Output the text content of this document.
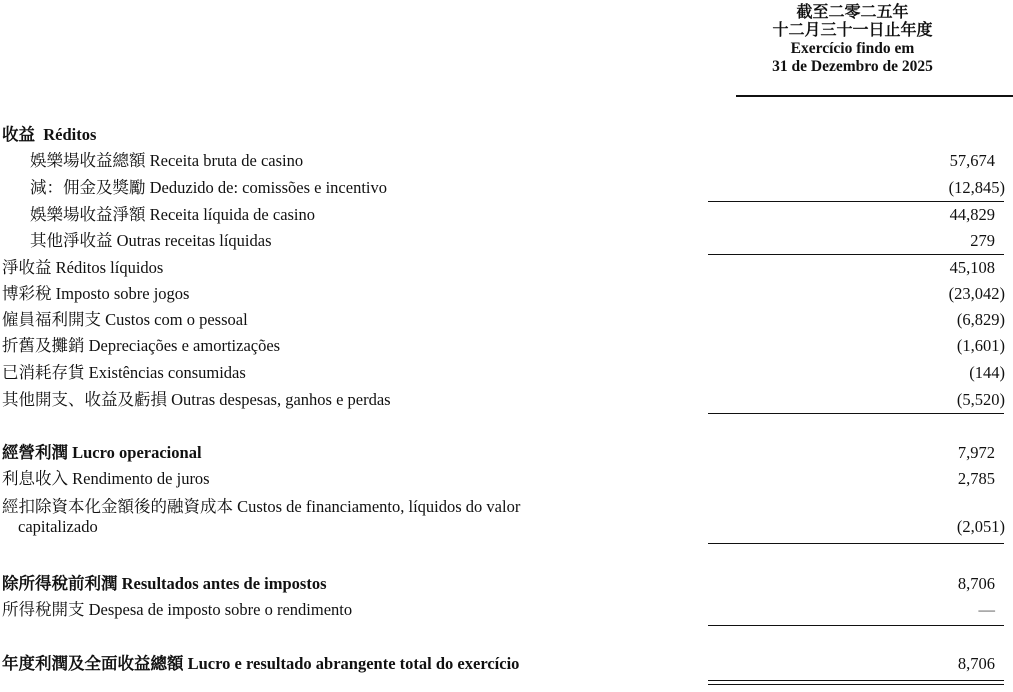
截至二零二五年
十二月三十一日止年度
Exercício findo em
31 de Dezembro de 2025
收益 Réditos
娛樂場收益總額 Receita bruta de casino	57,674
減：佣金及獎勵 Deduzido de: comissões e incentivo	(12,845)
娛樂場收益淨額 Receita líquida de casino	44,829
其他淨收益 Outras receitas líquidas	279
淨收益 Réditos líquidos	45,108
博彩稅 Imposto sobre jogos	(23,042)
僱員福利開支 Custos com o pessoal	(6,829)
折舊及攤銷 Depreciações e amortizações	(1,601)
已消耗存貨 Existências consumidas	(144)
其他開支、收益及虧損 Outras despesas, ganhos e perdas	(5,520)
經營利潤 Lucro operacional	7,972
利息收入 Rendimento de juros	2,785
經扣除資本化金額後的融資成本 Custos de financiamento, líquidos do valor
capitalizado	(2,051)
除所得稅前利潤 Resultados antes de impostos	8,706
所得稅開支 Despesa de imposto sobre o rendimento	—
年度利潤及全面收益總額 Lucro e resultado abrangente total do exercício	8,706
